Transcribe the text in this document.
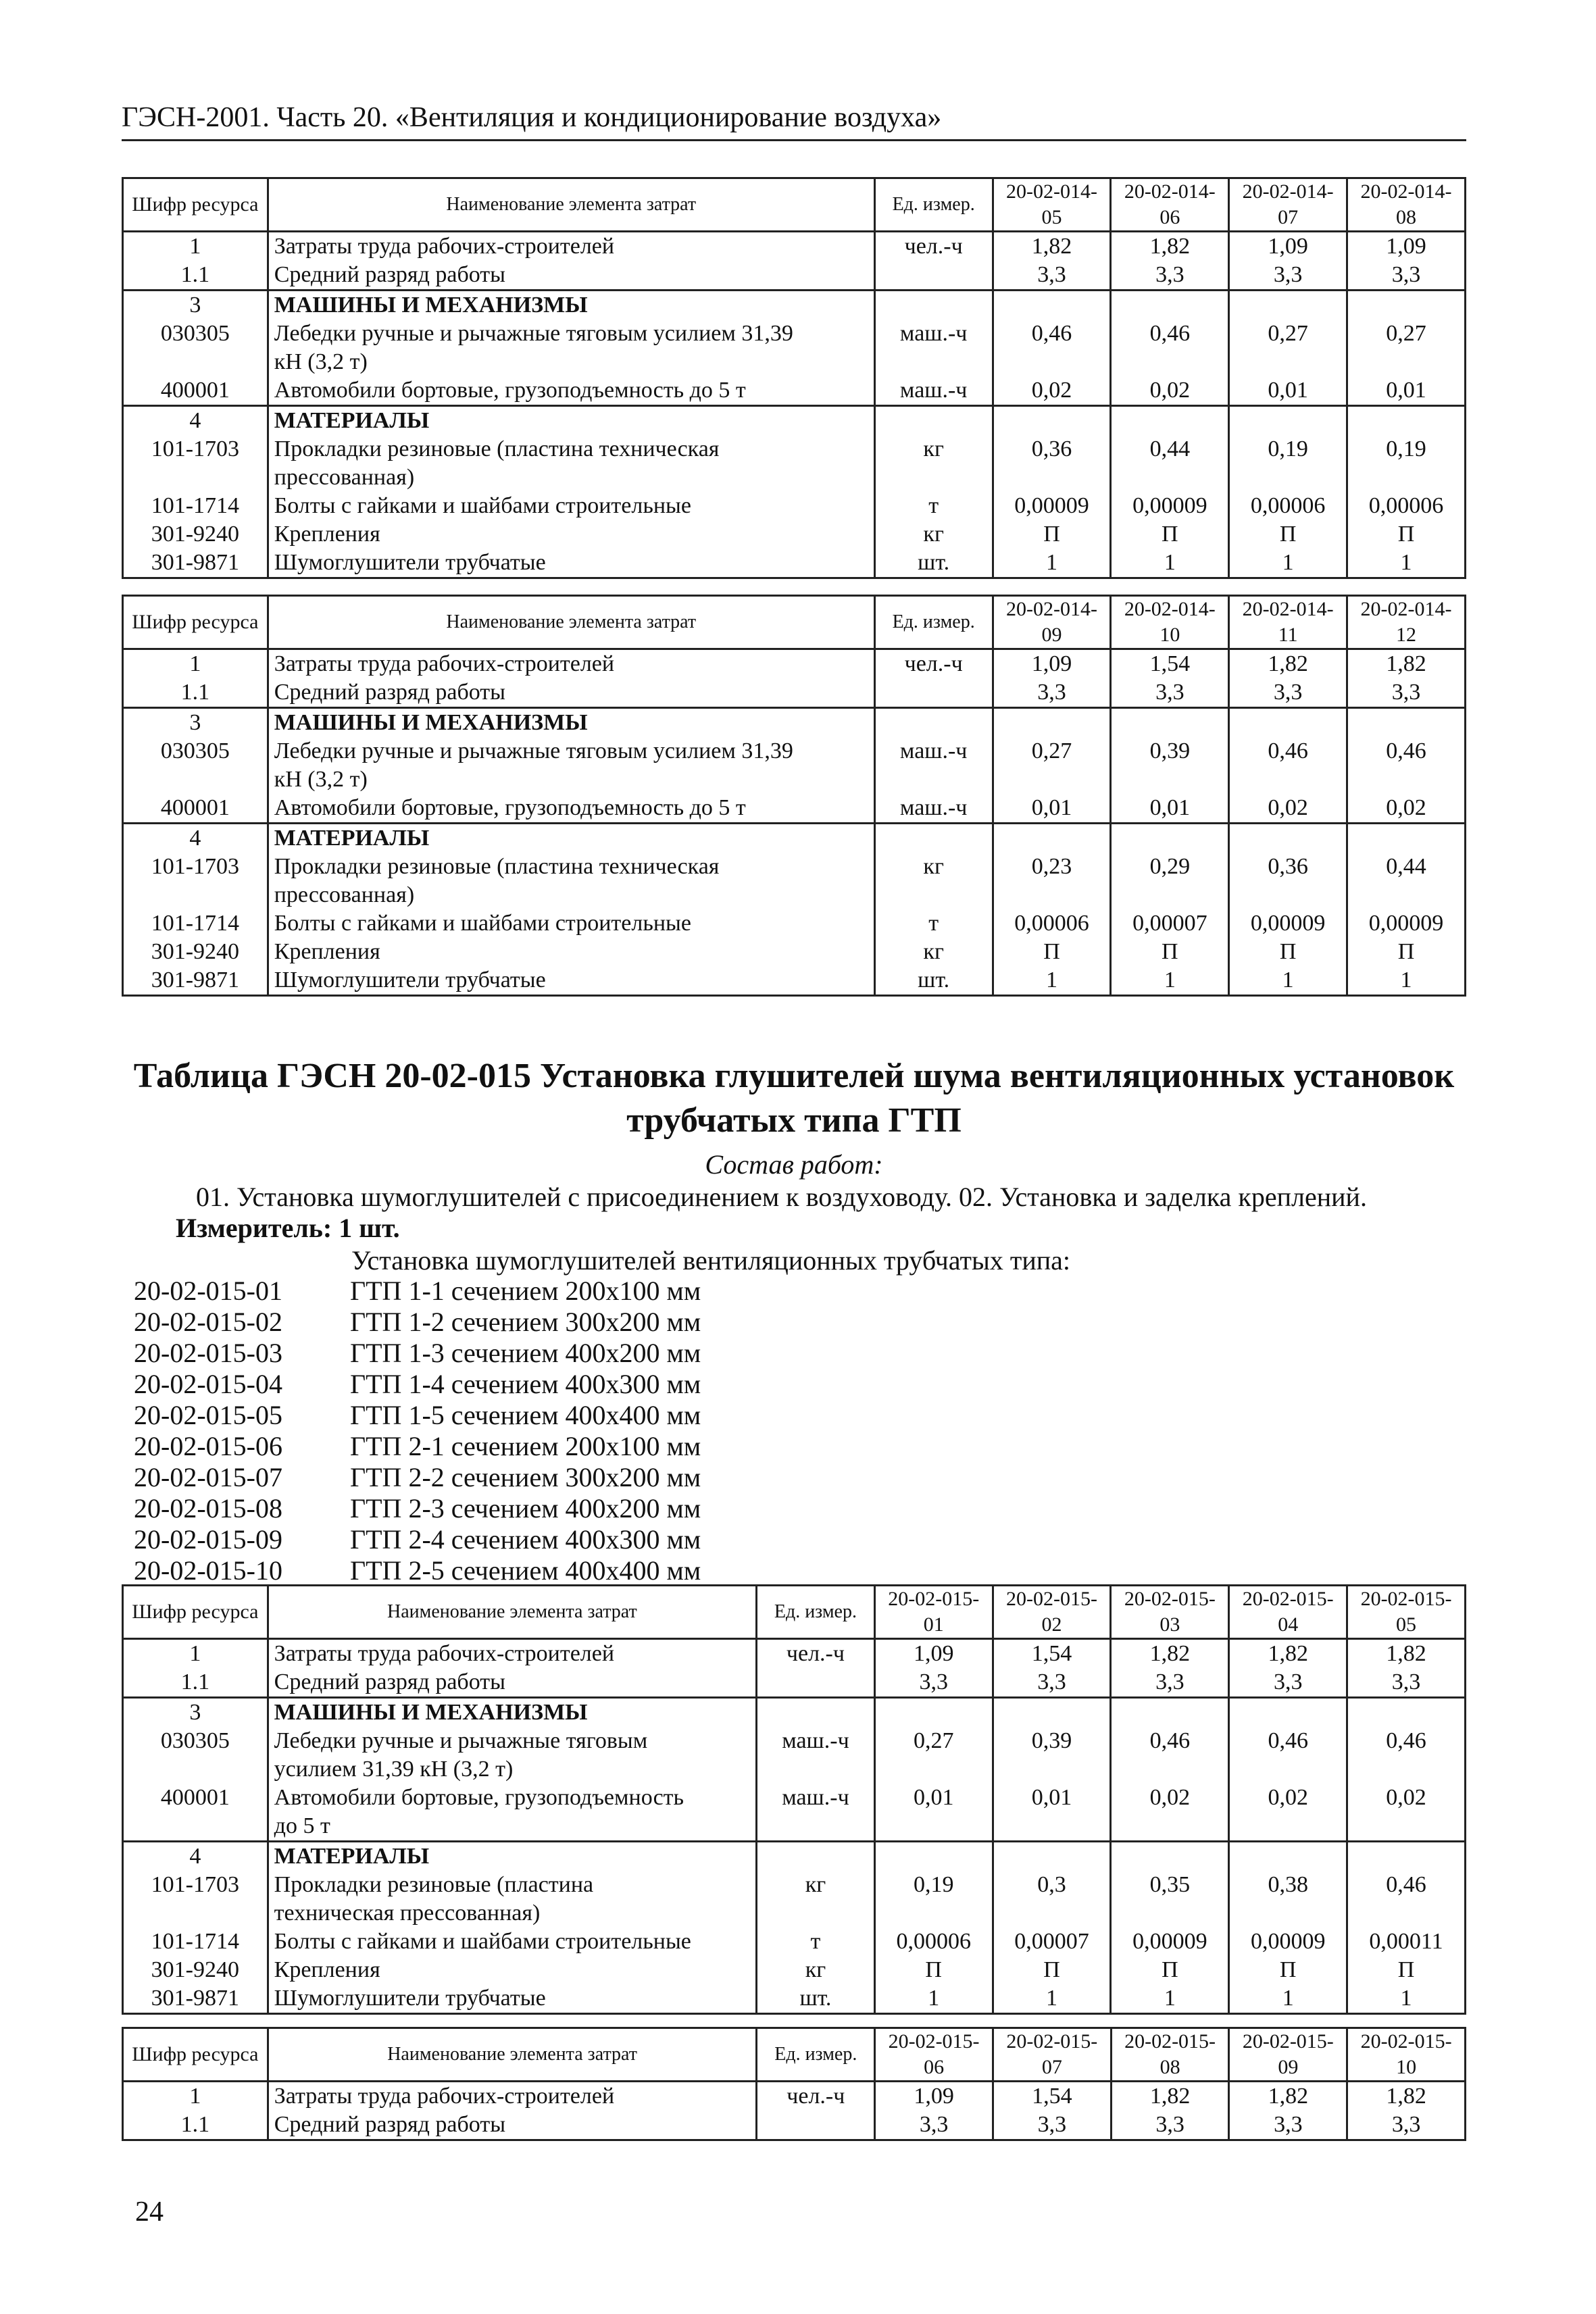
ГЭСН-2001. Часть 20. «Вентиляция и кондиционирование воздуха»
Шифр ресурса	Наименование элемента затрат	Ед. измер.	20-02-014-05	20-02-014-06	20-02-014-07	20-02-014-08
1	Затраты труда рабочих-строителей	чел.-ч	1,82	1,82	1,09	1,09
1.1	Средний разряд работы		3,3	3,3	3,3	3,3
3	МАШИНЫ И МЕХАНИЗМЫ					
030305	Лебедки ручные и рычажные тяговым усилием 31,39
кН (3,2 т)	маш.-ч	0,46	0,46	0,27	0,27
400001	Автомобили бортовые, грузоподъемность до 5 т	маш.-ч	0,02	0,02	0,01	0,01
4	МАТЕРИАЛЫ					
101-1703	Прокладки резиновые (пластина техническая
прессованная)	кг	0,36	0,44	0,19	0,19
101-1714	Болты с гайками и шайбами строительные	т	0,00009	0,00009	0,00006	0,00006
301-9240	Крепления	кг	П	П	П	П
301-9871	Шумоглушители трубчатые	шт.	1	1	1	1
Шифр ресурса	Наименование элемента затрат	Ед. измер.	20-02-014-09	20-02-014-10	20-02-014-11	20-02-014-12
1	Затраты труда рабочих-строителей	чел.-ч	1,09	1,54	1,82	1,82
1.1	Средний разряд работы		3,3	3,3	3,3	3,3
3	МАШИНЫ И МЕХАНИЗМЫ					
030305	Лебедки ручные и рычажные тяговым усилием 31,39
кН (3,2 т)	маш.-ч	0,27	0,39	0,46	0,46
400001	Автомобили бортовые, грузоподъемность до 5 т	маш.-ч	0,01	0,01	0,02	0,02
4	МАТЕРИАЛЫ					
101-1703	Прокладки резиновые (пластина техническая
прессованная)	кг	0,23	0,29	0,36	0,44
101-1714	Болты с гайками и шайбами строительные	т	0,00006	0,00007	0,00009	0,00009
301-9240	Крепления	кг	П	П	П	П
301-9871	Шумоглушители трубчатые	шт.	1	1	1	1
Таблица ГЭСН 20-02-015 Установка глушителей шума вентиляционных установок трубчатых типа ГТП
Состав работ:
01. Установка шумоглушителей с присоединением к воздуховоду. 02. Установка и заделка креплений.
Измеритель: 1 шт.
Установка шумоглушителей вентиляционных трубчатых типа:
20-02-015-01	ГТП 1-1 сечением 200х100 мм
20-02-015-02	ГТП 1-2 сечением 300х200 мм
20-02-015-03	ГТП 1-3 сечением 400х200 мм
20-02-015-04	ГТП 1-4 сечением 400х300 мм
20-02-015-05	ГТП 1-5 сечением 400х400 мм
20-02-015-06	ГТП 2-1 сечением 200х100 мм
20-02-015-07	ГТП 2-2 сечением 300х200 мм
20-02-015-08	ГТП 2-3 сечением 400х200 мм
20-02-015-09	ГТП 2-4 сечением 400х300 мм
20-02-015-10	ГТП 2-5 сечением 400х400 мм
Шифр ресурса	Наименование элемента затрат	Ед. измер.	20-02-015-01	20-02-015-02	20-02-015-03	20-02-015-04	20-02-015-05
1	Затраты труда рабочих-строителей	чел.-ч	1,09	1,54	1,82	1,82	1,82
1.1	Средний разряд работы		3,3	3,3	3,3	3,3	3,3
3	МАШИНЫ И МЕХАНИЗМЫ						
030305	Лебедки ручные и рычажные тяговым
усилием 31,39 кН (3,2 т)	маш.-ч	0,27	0,39	0,46	0,46	0,46
400001	Автомобили бортовые, грузоподъемность
до 5 т	маш.-ч	0,01	0,01	0,02	0,02	0,02
4	МАТЕРИАЛЫ						
101-1703	Прокладки резиновые (пластина
техническая прессованная)	кг	0,19	0,3	0,35	0,38	0,46
101-1714	Болты с гайками и шайбами строительные	т	0,00006	0,00007	0,00009	0,00009	0,00011
301-9240	Крепления	кг	П	П	П	П	П
301-9871	Шумоглушители трубчатые	шт.	1	1	1	1	1
Шифр ресурса	Наименование элемента затрат	Ед. измер.	20-02-015-06	20-02-015-07	20-02-015-08	20-02-015-09	20-02-015-10
1	Затраты труда рабочих-строителей	чел.-ч	1,09	1,54	1,82	1,82	1,82
1.1	Средний разряд работы		3,3	3,3	3,3	3,3	3,3
24
